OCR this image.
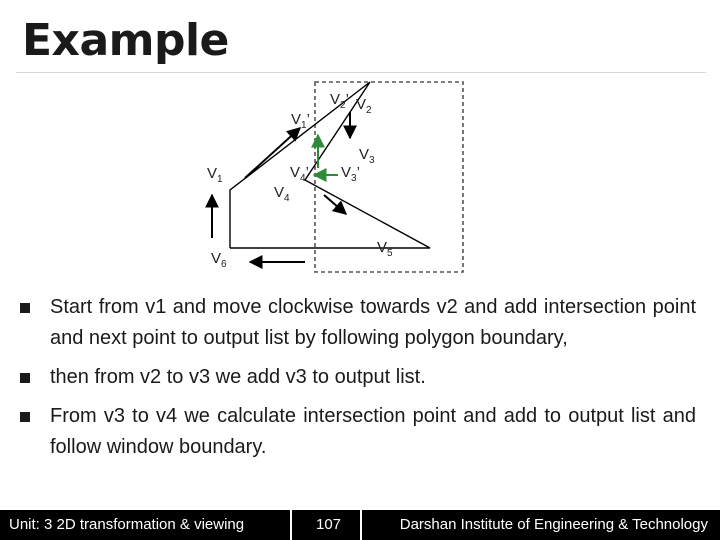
Example
$V_1$
$V_1$’
$V_2$’ $V_2$
$V_3$
$V_3$’
$V_4$’
$V_4$
$V_5$
$V_6$
Start from v1 and move clockwise towards v2 and add intersection point and next point to output list by following polygon boundary,
then from v2 to v3 we add v3 to output list.
From v3 to v4 we calculate intersection point and add to output list and follow window boundary.
Unit: 3 2D transformation & viewing	107	Darshan Institute of Engineering & Technology
